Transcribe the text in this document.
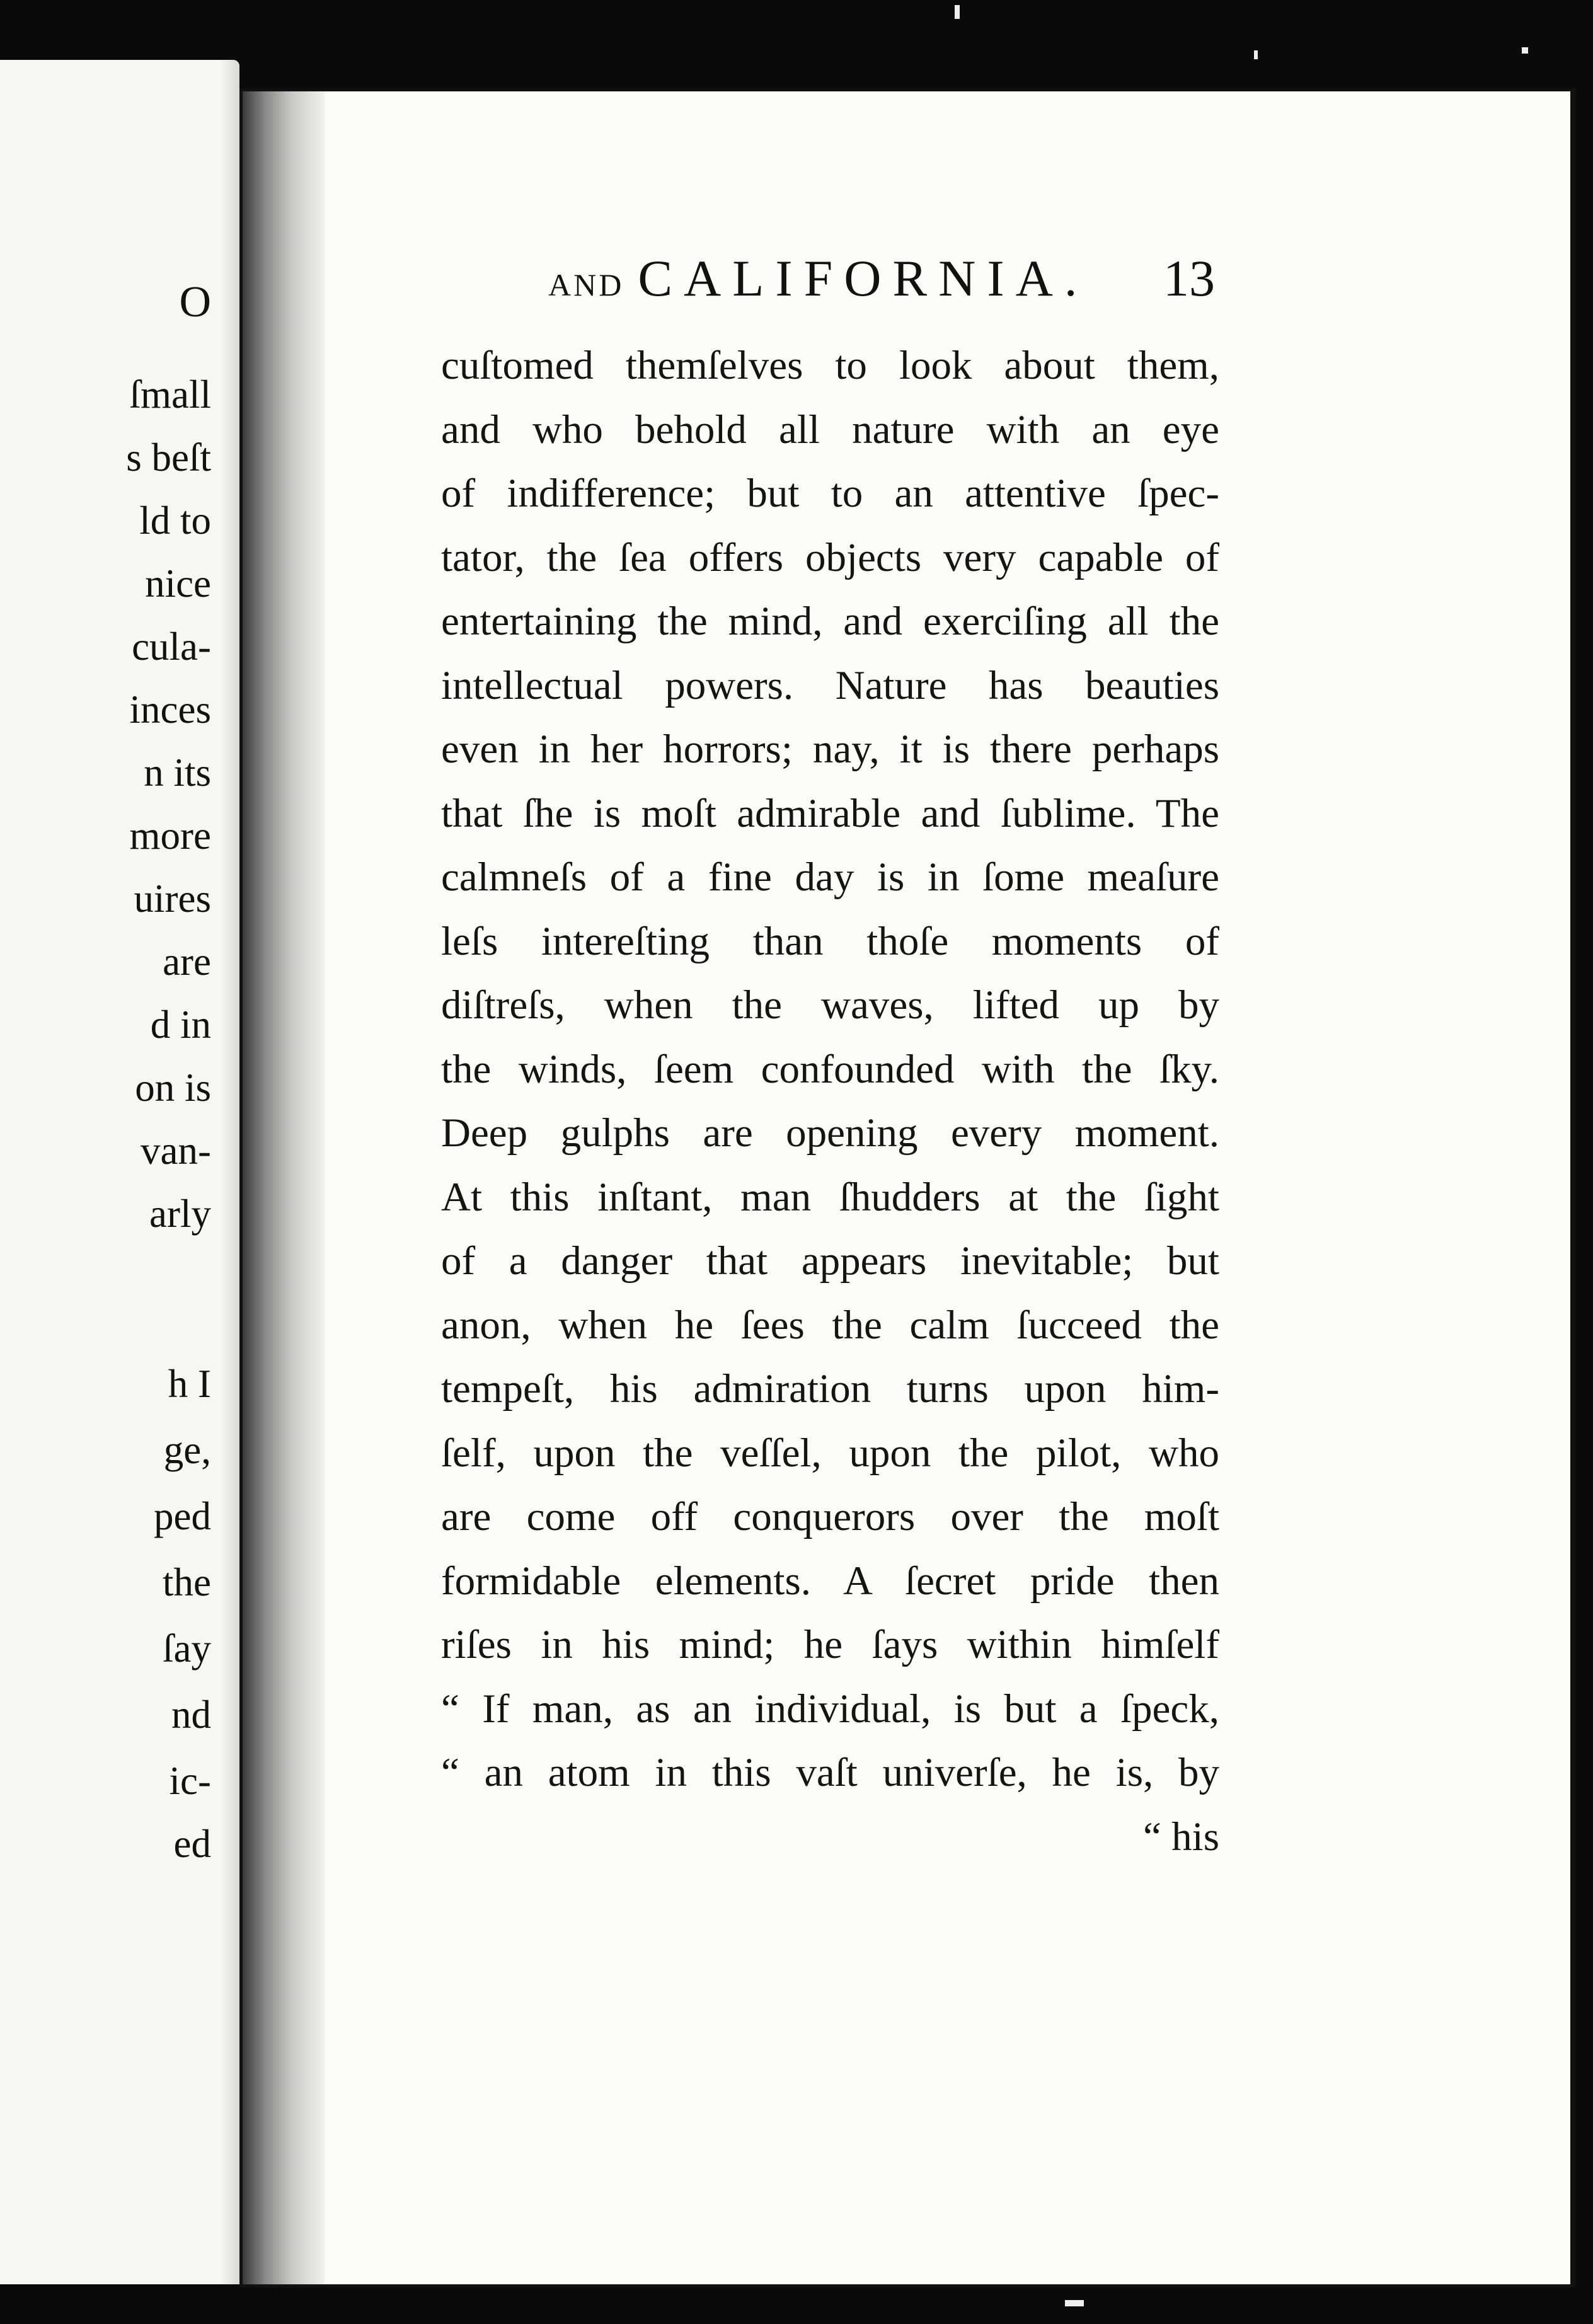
O
ſmall
s beſt
ld to
nice
cula-
inces
n its
more
uires
are
d in
on is
van-
arly
h I
ge,
ped
the
ſay
nd
ic-
ed
AND CALIFORNIA.	13
cuſtomed themſelves to look about them,
and who behold all nature with an eye
of indifference; but to an attentive ſpec-
tator, the ſea offers objects very capable of
entertaining the mind, and exerciſing all the
intellectual powers. Nature has beauties
even in her horrors; nay, it is there perhaps
that ſhe is moſt admirable and ſublime. The
calmneſs of a fine day is in ſome meaſure
leſs intereſting than thoſe moments of
diſtreſs, when the waves, lifted up by
the winds, ſeem confounded with the ſky.
Deep gulphs are opening every moment.
At this inſtant, man ſhudders at the ſight
of a danger that appears inevitable; but
anon, when he ſees the calm ſucceed the
tempeſt, his admiration turns upon him-
ſelf, upon the veſſel, upon the pilot, who
are come off conquerors over the moſt
formidable elements. A ſecret pride then
riſes in his mind; he ſays within himſelf
“ If man, as an individual, is but a ſpeck,
“ an atom in this vaſt univerſe, he is, by
“ his
